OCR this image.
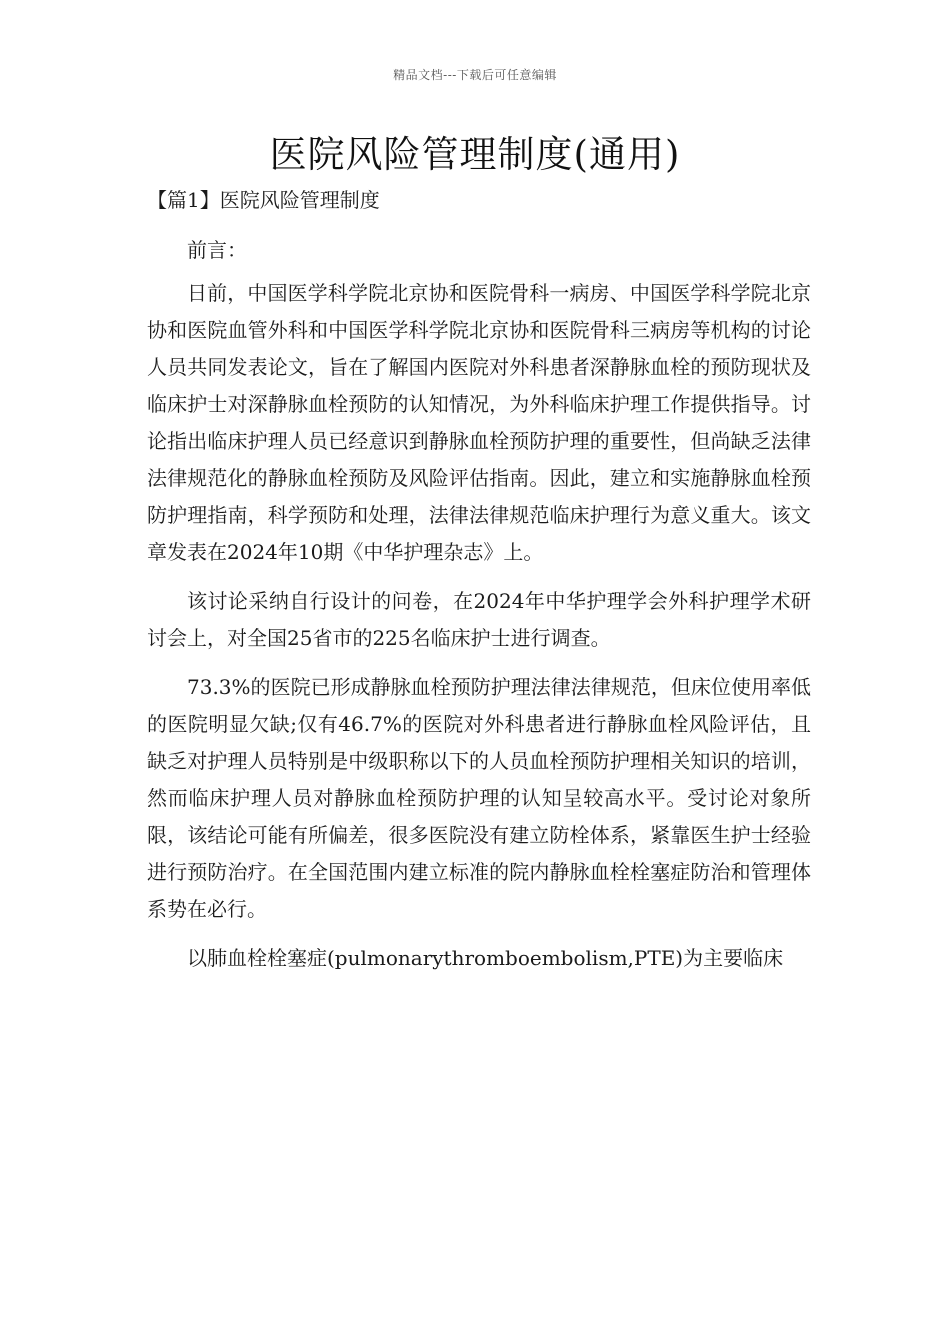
精品文档---下载后可任意编辑
医院风险管理制度(通用)
【篇1】医院风险管理制度

前言：

日前，中国医学科学院北京协和医院骨科一病房、中国医学科学院北京协和医院血管外科和中国医学科学院北京协和医院骨科三病房等机构的讨论人员共同发表论文，旨在了解国内医院对外科患者深静脉血栓的预防现状及临床护士对深静脉血栓预防的认知情况，为外科临床护理工作提供指导。讨论指出临床护理人员已经意识到静脉血栓预防护理的重要性，但尚缺乏法律法律规范化的静脉血栓预防及风险评估指南。因此，建立和实施静脉血栓预防护理指南，科学预防和处理，法律法律规范临床护理行为意义重大。该文章发表在2024年10期《中华护理杂志》上。

该讨论采纳自行设计的问卷，在2024年中华护理学会外科护理学术研讨会上，对全国25省市的225名临床护士进行调查。

73.3%的医院已形成静脉血栓预防护理法律法律规范，但床位使用率低的医院明显欠缺;仅有46.7%的医院对外科患者进行静脉血栓风险评估，且缺乏对护理人员特别是中级职称以下的人员血栓预防护理相关知识的培训，然而临床护理人员对静脉血栓预防护理的认知呈较高水平。受讨论对象所限，该结论可能有所偏差，很多医院没有建立防栓体系，紧靠医生护士经验进行预防治疗。在全国范围内建立标准的院内静脉血栓栓塞症防治和管理体系势在必行。

以肺血栓栓塞症(pulmonarythromboembolism,PTE)为主要临床
